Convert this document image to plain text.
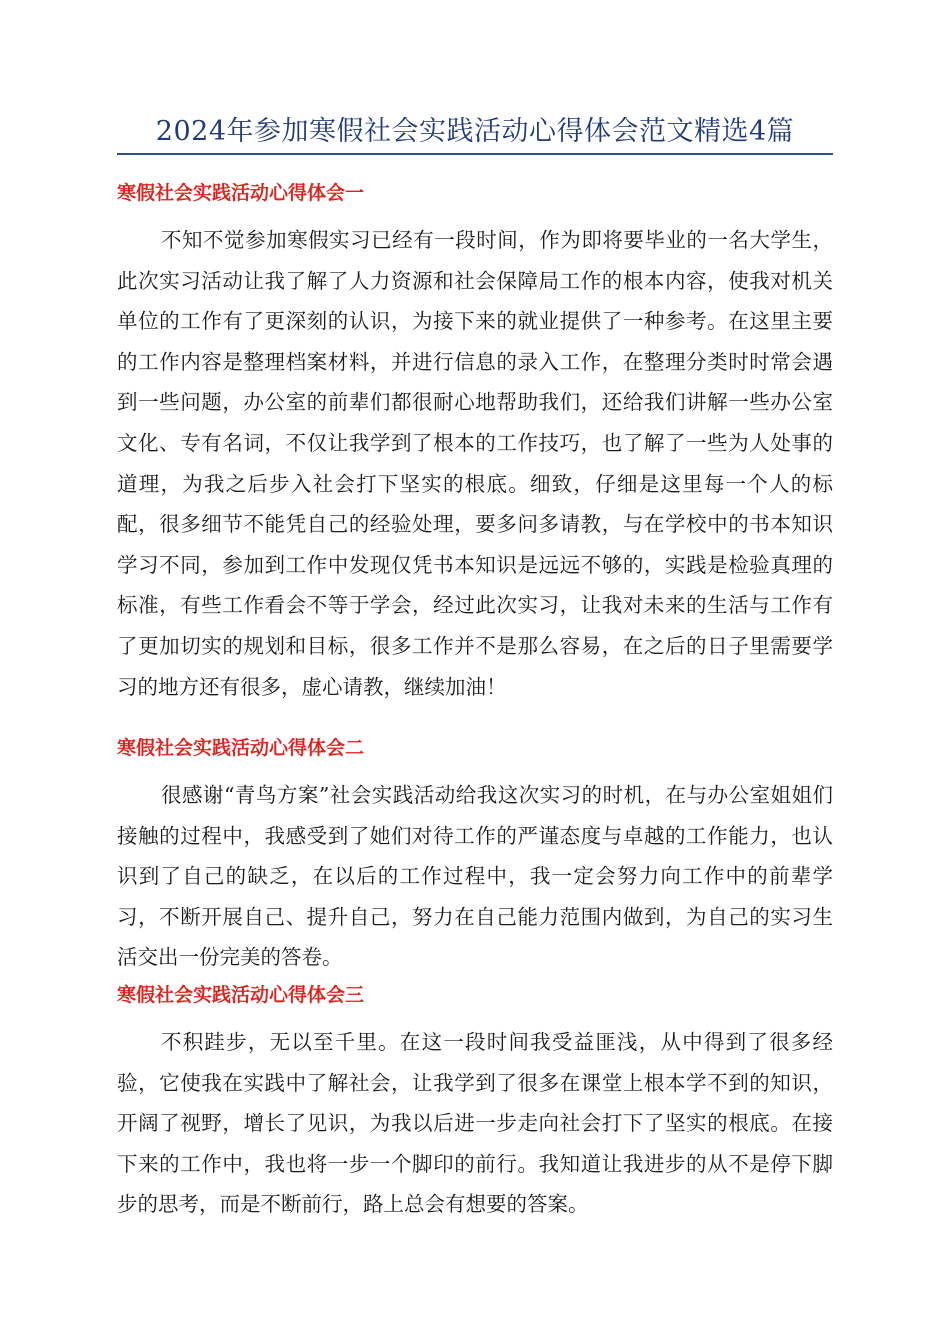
2024年参加寒假社会实践活动心得体会范文精选4篇
寒假社会实践活动心得体会一

不知不觉参加寒假实习已经有一段时间，作为即将要毕业的一名大学生，此次实习活动让我了解了人力资源和社会保障局工作的根本内容，使我对机关单位的工作有了更深刻的认识，为接下来的就业提供了一种参考。在这里主要的工作内容是整理档案材料，并进行信息的录入工作，在整理分类时时常会遇到一些问题，办公室的前辈们都很耐心地帮助我们，还给我们讲解一些办公室文化、专有名词，不仅让我学到了根本的工作技巧，也了解了一些为人处事的道理，为我之后步入社会打下坚实的根底。细致，仔细是这里每一个人的标配，很多细节不能凭自己的经验处理，要多问多请教，与在学校中的书本知识学习不同，参加到工作中发现仅凭书本知识是远远不够的，实践是检验真理的标准，有些工作看会不等于学会，经过此次实习，让我对未来的生活与工作有了更加切实的规划和目标，很多工作并不是那么容易，在之后的日子里需要学习的地方还有很多，虚心请教，继续加油！

寒假社会实践活动心得体会二

很感谢“青鸟方案”社会实践活动给我这次实习的时机，在与办公室姐姐们接触的过程中，我感受到了她们对待工作的严谨态度与卓越的工作能力，也认识到了自己的缺乏，在以后的工作过程中，我一定会努力向工作中的前辈学习，不断开展自己、提升自己，努力在自己能力范围内做到，为自己的实习生活交出一份完美的答卷。

寒假社会实践活动心得体会三

不积跬步，无以至千里。在这一段时间我受益匪浅，从中得到了很多经验，它使我在实践中了解社会，让我学到了很多在课堂上根本学不到的知识，开阔了视野，增长了见识，为我以后进一步走向社会打下了坚实的根底。在接下来的工作中，我也将一步一个脚印的前行。我知道让我进步的从不是停下脚步的思考，而是不断前行，路上总会有想要的答案。
